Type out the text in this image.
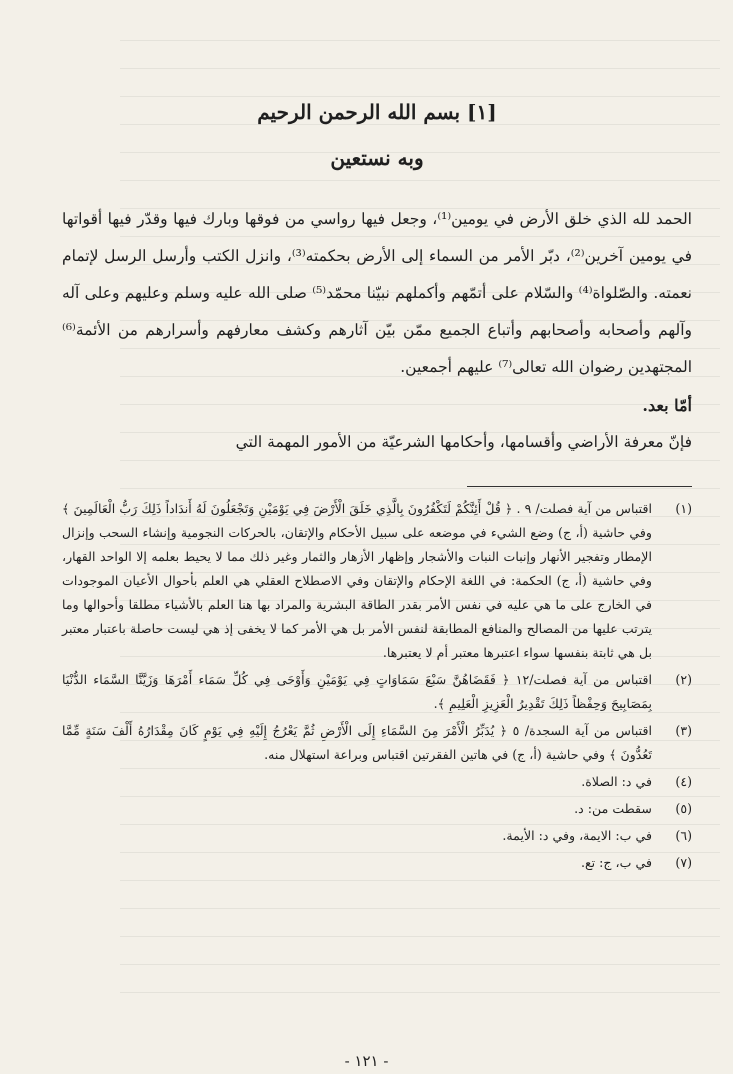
[١] بسم الله الرحمن الرحيم

وبه نستعين

الحمد لله الذي خلق الأرض في يومين⁽¹⁾، وجعل فيها رواسي من فوقها وبارك فيها وقدّر فيها أقواتها في يومين آخرين⁽²⁾، دبّر الأمر من السماء إلى الأرض بحكمته⁽³⁾، وانزل الكتب وأرسل الرسل لإتمام نعمته. والصّلواة⁽⁴⁾ والسّلام على أتمّهم وأكملهم نبيّنا محمّد⁽⁵⁾ صلى الله عليه وسلم وعليهم وعلى آله وآلهم وأصحابه وأصحابهم وأتباع الجميع ممّن بيّن آثارهم وكشف معارفهم وأسرارهم من الأئمة⁽⁶⁾ المجتهدين رضوان الله تعالى⁽⁷⁾ عليهم أجمعين.

أمّا بعد.

فإنّ معرفة الأراضي وأقسامها، وأحكامها الشرعيّة من الأمور المهمة التي

(١)
اقتباس من آية فصلت/ ٩ . ﴿ قُلْ أَئِنَّكُمْ لَتَكْفُرُونَ بِالَّذِي خَلَقَ الْأَرْضَ فِي يَوْمَيْنِ وَتَجْعَلُونَ لَهُ أَندَاداً ذَلِكَ رَبُّ الْعَالَمِينَ ﴾ وفي حاشية (أ، ج) وضع الشيء في موضعه على سبيل الأحكام والإتقان، بالحركات النجومية وإنشاء السحب وإنزال الإمطار وتفجير الأنهار وإنبات النبات والأشجار وإظهار الأزهار والثمار وغير ذلك مما لا يحيط بعلمه إلا الواحد القهار، وفي حاشية (أ، ج) الحكمة: في اللغة الإحكام والإتقان وفي الاصطلاح العقلي هي العلم بأحوال الأعيان الموجودات في الخارج على ما هي عليه في نفس الأمر بقدر الطاقة البشرية والمراد بها هنا العلم بالأشياء مطلقا وأحوالها وما يترتب عليها من المصالح والمنافع المطابقة لنفس الأمر بل هي الأمر كما لا يخفى إذ هي ليست حاصلة باعتبار معتبر بل هي ثابتة بنفسها سواء اعتبرها معتبر أم لا يعتبرها.
(٢)
اقتباس من آية فصلت/١٢ ﴿ فَقَضَاهُنَّ سَبْعَ سَمَاوَاتٍ فِي يَوْمَيْنِ وَأَوْحَى فِي كُلِّ سَمَاء أَمْرَهَا وَزَيَّنَّا السَّمَاء الدُّنْيَا بِمَصَابِيحَ وَحِفْظاً ذَلِكَ تَقْدِيرُ الْعَزِيزِ الْعَلِيمِ ﴾.
(٣)
اقتباس من آية السجدة/ ٥ ﴿ يُدَبِّرُ الْأَمْرَ مِنَ السَّمَاءِ إِلَى الْأَرْضِ ثُمَّ يَعْرُجُ إِلَيْهِ فِي يَوْمٍ كَانَ مِقْدَارُهُ أَلْفَ سَنَةٍ مِّمَّا تَعُدُّونَ ﴾ وفي حاشية (أ، ج) في هاتين الفقرتين اقتباس وبراعة استهلال منه.
(٤)
في د: الصلاة.
(٥)
سقطت من: د.
(٦)
في ب: الايمة، وفي د: الأيمة.
(٧)
في ب، ج: تع.
- ١٢١ -
